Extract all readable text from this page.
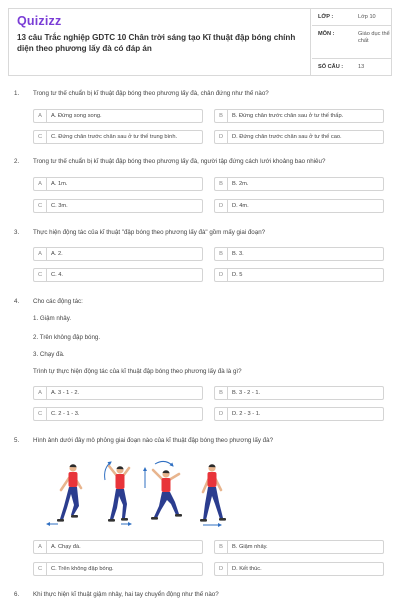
Quizizz
13 câu Trắc nghiệp GDTC 10 Chân trời sáng tạo Kĩ thuật đập bóng chính diện theo phương lấy đà có đáp án
LỚP :	Lớp 10
MÔN :	Giáo dục thể chất
SỐ CÂU :	13
1. Trong tư thế chuẩn bị kĩ thuật đập bóng theo phương lấy đà, chân đứng như thế nào?
A	A. Đứng song song.	B	B. Đứng chân trước chân sau ở tư thế thấp.
C	C. Đứng chân trước chân sau ở tư thế trung bình.	D	D. Đứng chân trước chân sau ở tư thế cao.
2. Trong tư thế chuẩn bị kĩ thuật đập bóng theo phương lấy đà, người tập đứng cách lưới khoảng bao nhiêu?
A	A. 1m.	B	B. 2m.
C	C. 3m.	D	D. 4m.
3. Thực hiện động tác của kĩ thuật "đập bóng theo phương lấy đà" gồm mấy giai đoạn?
A	A. 2.	B	B. 3.
C	C. 4.	D	D. 5
4. Cho các động tác:
1. Giậm nhảy.
2. Trên không đập bóng.
3. Chạy đà.
Trình tự thực hiện động tác của kĩ thuật đập bóng theo phương lấy đà là gì?
A	A. 3 - 1 - 2.	B	B. 3 - 2 - 1.
C	C. 2 - 1 - 3.	D	D. 2 - 3 - 1.
5. Hình ảnh dưới đây mô phỏng giai đoạn nào của kĩ thuật đập bóng theo phương lấy đà?
A	A. Chạy đà.	B	B. Giậm nhảy.
C	C. Trên không đập bóng.	D	D. Kết thúc.
6. Khi thực hiện kĩ thuật giậm nhảy, hai tay chuyển động như thế nào?
